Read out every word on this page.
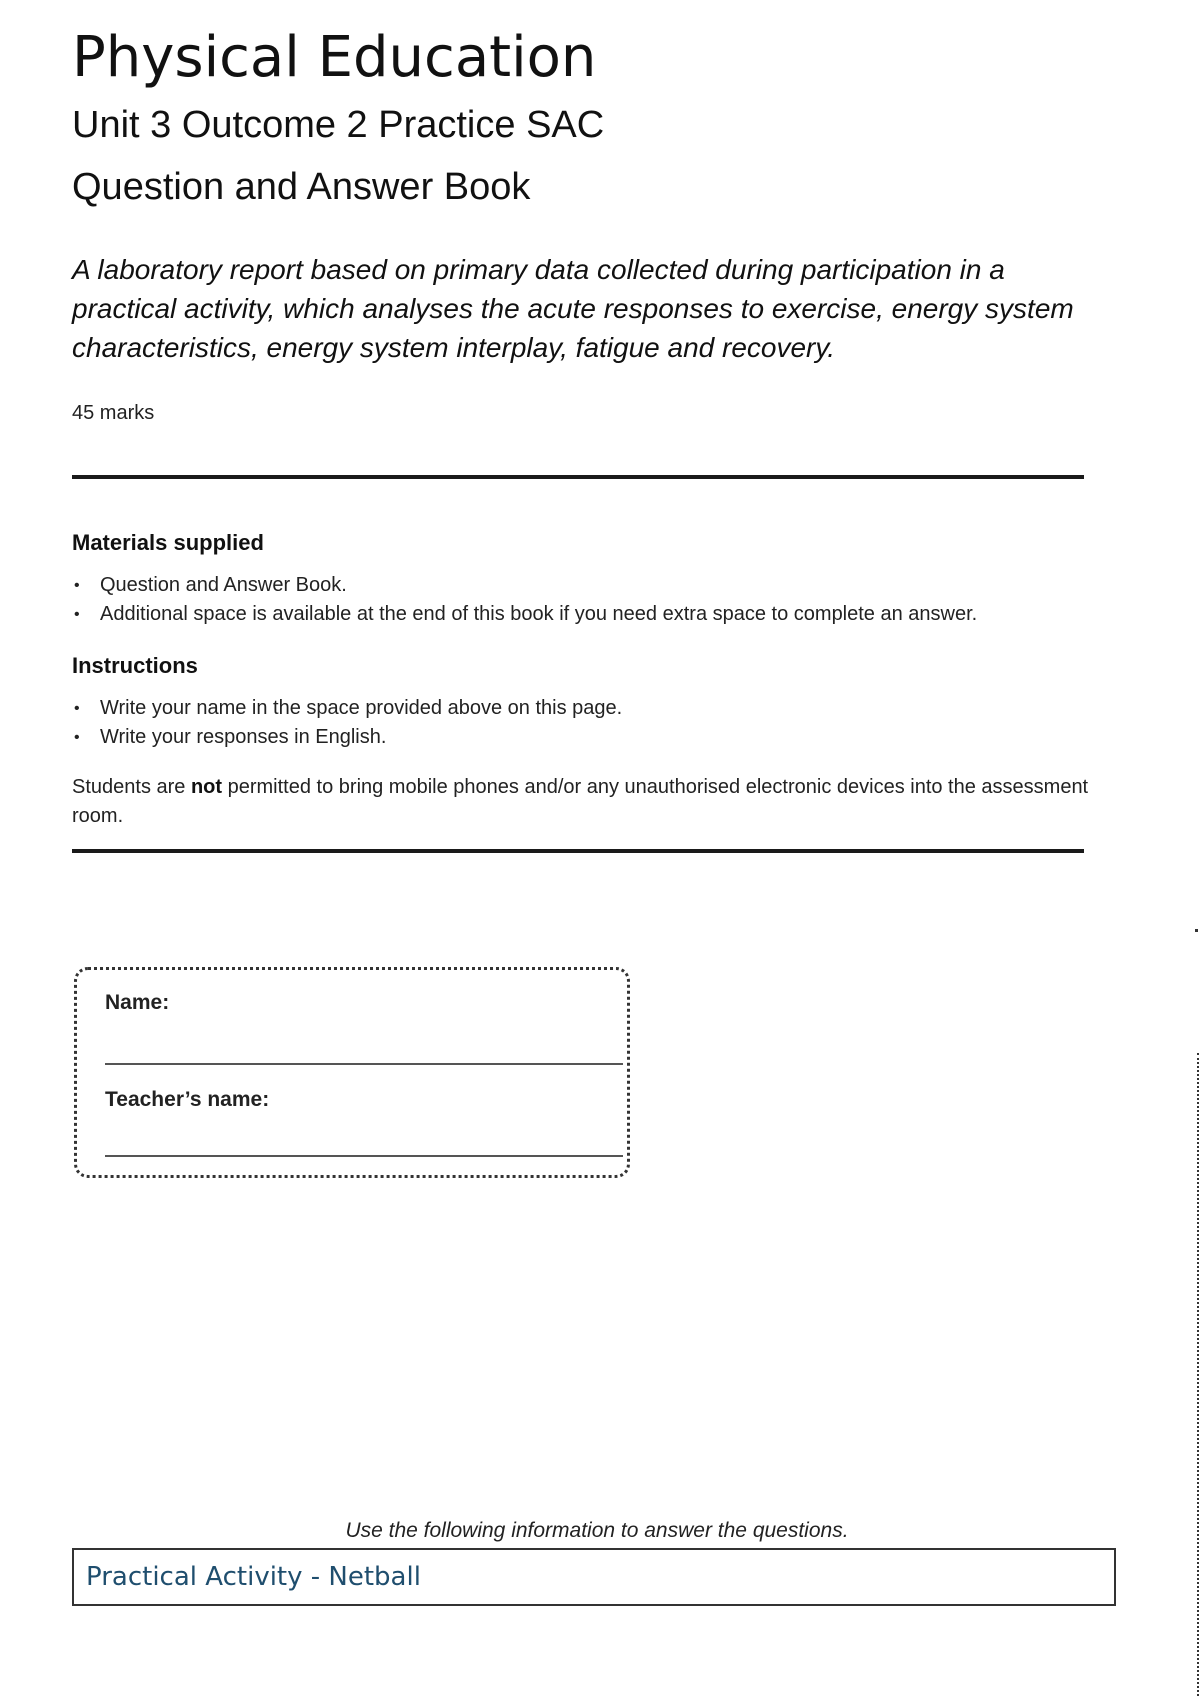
Physical Education

Unit 3 Outcome 2 Practice SAC

Question and Answer Book

A laboratory report based on primary data collected during participation in a practical activity, which analyses the acute responses to exercise, energy system characteristics, energy system interplay, fatigue and recovery.

45 marks

Materials supplied
• Question and Answer Book.
• Additional space is available at the end of this book if you need extra space to complete an answer.
Instructions
• Write your name in the space provided above on this page.
• Write your responses in English.

Students are not permitted to bring mobile phones and/or any unauthorised electronic devices into the assessment room.

Name:

Teacher’s name:

Use the following information to answer the questions.

Practical Activity - Netball
